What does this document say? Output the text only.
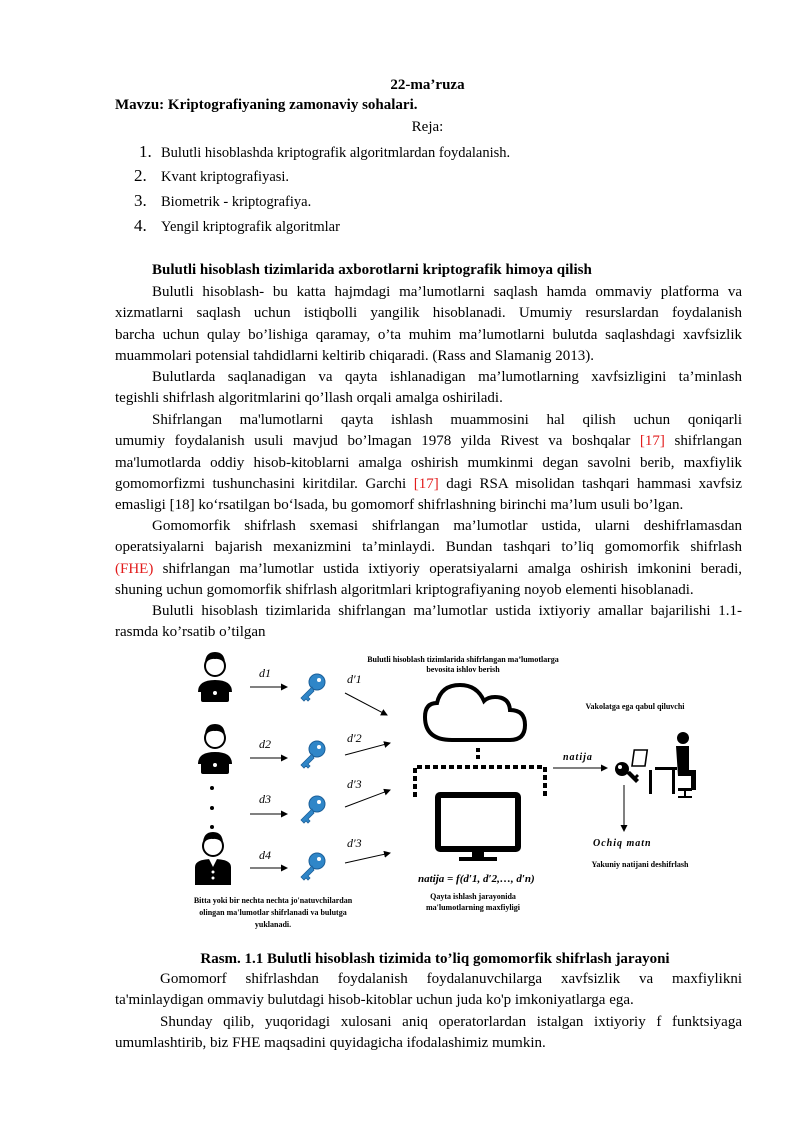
22-ma’ruza
Mavzu: Kriptografiyaning zamonaviy sohalari.
Reja:
1. Bulutli hisoblashda kriptografik algoritmlardan foydalanish.
2. Kvant kriptografiyasi.
3. Biometrik - kriptografiya.
4. Yengil kriptografik algoritmlar
Bulutli hisoblash tizimlarida axborotlarni kriptografik himoya qilish
Bulutli hisoblash- bu katta hajmdagi ma’lumotlarni saqlash hamda ommaviy platforma va
xizmatlarni saqlash uchun istiqbolli yangilik hisoblanadi. Umumiy resurslardan foydalanish
barcha uchun qulay bo’lishiga qaramay, o’ta muhim ma’lumotlarni bulutda saqlashdagi xavfsizlik
muammolari potensial tahdidlarni keltirib chiqaradi. (Rass and Slamanig 2013).
Bulutlarda saqlanadigan va qayta ishlanadigan ma’lumotlarning xavfsizligini ta’minlash
tegishli shifrlash algoritmlarini qo’llash orqali amalga oshiriladi.
Shifrlangan ma'lumotlarni qayta ishlash muammosini hal qilish uchun qoniqarli
umumiy foydalanish usuli mavjud bo’lmagan 1978 yilda Rivest va boshqalar [17] shifrlangan
ma'lumotlarda oddiy hisob-kitoblarni amalga oshirish mumkinmi degan savolni berib, maxfiylik
gomomorfizmi tushunchasini kiritdilar. Garchi [17] dagi RSA misolidan tashqari hammasi xavfsiz
emasligi [18] ko‘rsatilgan bo‘lsada, bu gomomorf shifrlashning birinchi ma’lum usuli bo’lgan.
Gomomorfik shifrlash sxemasi shifrlangan ma’lumotlar ustida, ularni deshifrlamasdan
operatsiyalarni bajarish mexanizmini ta’minlaydi. Bundan tashqari to’liq gomomorfik shifrlash
(FHE) shifrlangan ma’lumotlar ustida ixtiyoriy operatsiyalarni amalga oshirish imkonini beradi,
shuning uchun gomomorfik shifrlash algoritmlari kriptografiyaning noyob elementi hisoblanadi.
Bulutli hisoblash tizimlarida shifrlangan ma’lumotlar ustida ixtiyoriy amallar bajarilishi 1.1-
rasmda ko’rsatib o’tilgan
Bulutli hisoblash tizimlarida shifrlangan ma’lumotlarga
bevosita ishlov berish
d1
d2
d3
d4
d′1
d′2
d′3
d′3
natija = f(d′1, d′2,…, d′n)
Qayta ishlash jarayonida
ma'lumotlarning maxfiyligi
Bitta yoki bir nechta nechta jo'natuvchilardan
olingan ma'lumotlar shifrlanadi va bulutga
yuklanadi.
Vakolatga ega qabul qiluvchi
natija
Ochiq matn
Yakuniy natijani deshifrlash
Rasm. 1.1 Bulutli hisoblash tizimida to’liq gomomorfik shifrlash jarayoni
Gomomorf shifrlashdan foydalanish foydalanuvchilarga xavfsizlik va maxfiylikni
ta'minlaydigan ommaviy bulutdagi hisob-kitoblar uchun juda ko'p imkoniyatlarga ega.
Shunday qilib, yuqoridagi xulosani aniq operatorlardan istalgan ixtiyoriy f funktsiyaga
umumlashtirib, biz FHE maqsadini quyidagicha ifodalashimiz mumkin.
